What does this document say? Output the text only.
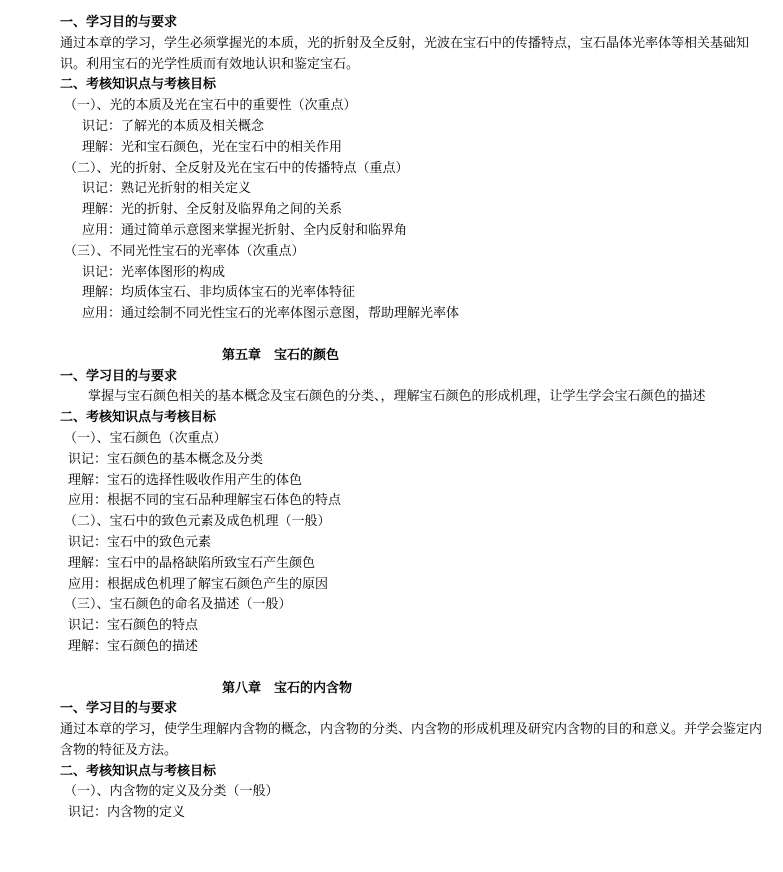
一、学习目的与要求
通过本章的学习，学生必须掌握光的本质，光的折射及全反射，光波在宝石中的传播特点，宝石晶体光率体等相关基础知识。利用宝石的光学性质而有效地认识和鉴定宝石。
二、考核知识点与考核目标
（一）、光的本质及光在宝石中的重要性（次重点）
识记：了解光的本质及相关概念
理解：光和宝石颜色，光在宝石中的相关作用
（二）、光的折射、全反射及光在宝石中的传播特点（重点）
识记：熟记光折射的相关定义
理解：光的折射、全反射及临界角之间的关系
应用：通过简单示意图来掌握光折射、全内反射和临界角
（三）、不同光性宝石的光率体（次重点）
识记：光率体图形的构成
理解：均质体宝石、非均质体宝石的光率体特征
应用：通过绘制不同光性宝石的光率体图示意图，帮助理解光率体
第五章　宝石的颜色
一、学习目的与要求
掌握与宝石颜色相关的基本概念及宝石颜色的分类、，理解宝石颜色的形成机理，让学生学会宝石颜色的描述
二、考核知识点与考核目标
（一）、宝石颜色（次重点）
识记：宝石颜色的基本概念及分类
理解：宝石的选择性吸收作用产生的体色
应用：根据不同的宝石品种理解宝石体色的特点
（二）、宝石中的致色元素及成色机理（一般）
识记：宝石中的致色元素
理解：宝石中的晶格缺陷所致宝石产生颜色
应用：根据成色机理了解宝石颜色产生的原因
（三）、宝石颜色的命名及描述（一般）
识记：宝石颜色的特点
理解：宝石颜色的描述
第八章　宝石的内含物
一、学习目的与要求
通过本章的学习，使学生理解内含物的概念，内含物的分类、内含物的形成机理及研究内含物的目的和意义。并学会鉴定内含物的特征及方法。
二、考核知识点与考核目标
（一）、内含物的定义及分类（一般）
识记：内含物的定义
